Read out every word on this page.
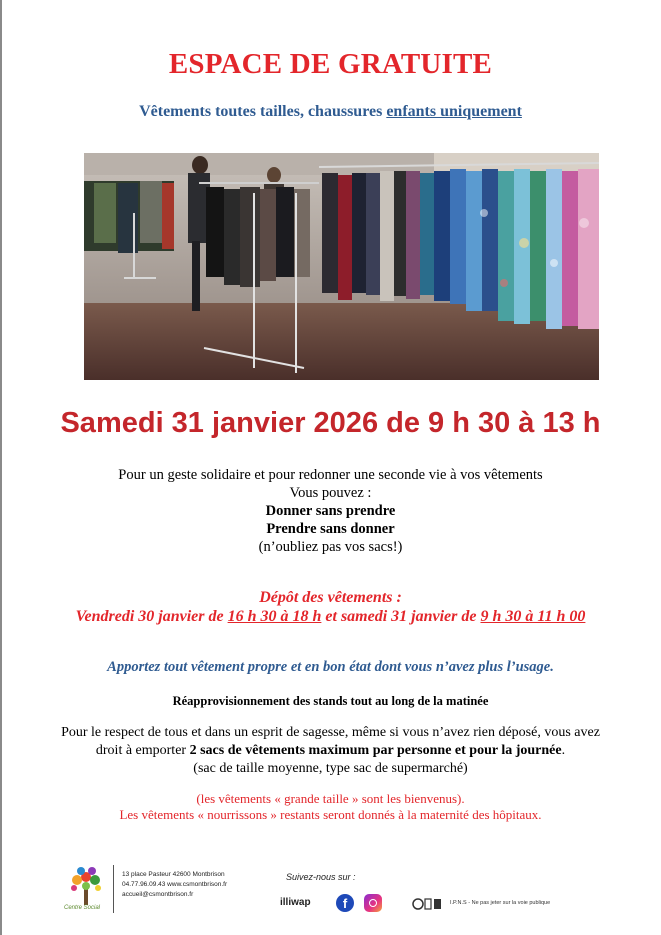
ESPACE DE GRATUITE
Vêtements toutes tailles, chaussures enfants uniquement
Samedi 31 janvier 2026 de 9 h 30 à 13 h
Pour un geste solidaire et pour redonner une seconde vie à vos vêtements
Vous pouvez :
Donner sans prendre
Prendre sans donner
(n’oubliez pas vos sacs!)
Dépôt des vêtements :
Vendredi 30 janvier de 16 h 30 à 18 h et samedi 31 janvier de 9 h 30 à 11 h 00
Apportez tout vêtement propre et en bon état dont vous n’avez plus l’usage.
Réapprovisionnement des stands tout au long de la matinée
Pour le respect de tous et dans un esprit de sagesse, même si vous n’avez rien déposé, vous avez
droit à emporter 2 sacs de vêtements maximum par personne et pour la journée.
(sac de taille moyenne, type sac de supermarché)
(les vêtements « grande taille » sont les bienvenus).
Les vêtements « nourrissons » restants seront donnés à la maternité des hôpitaux.
Centre Social
13 place Pasteur 42600 Montbrison
04.77.96.09.43 www.csmontbrison.fr
accueil@csmontbrison.fr
Suivez-nous sur :
illiwap	f	I.P.N.S - Ne pas jeter sur la voie publique
